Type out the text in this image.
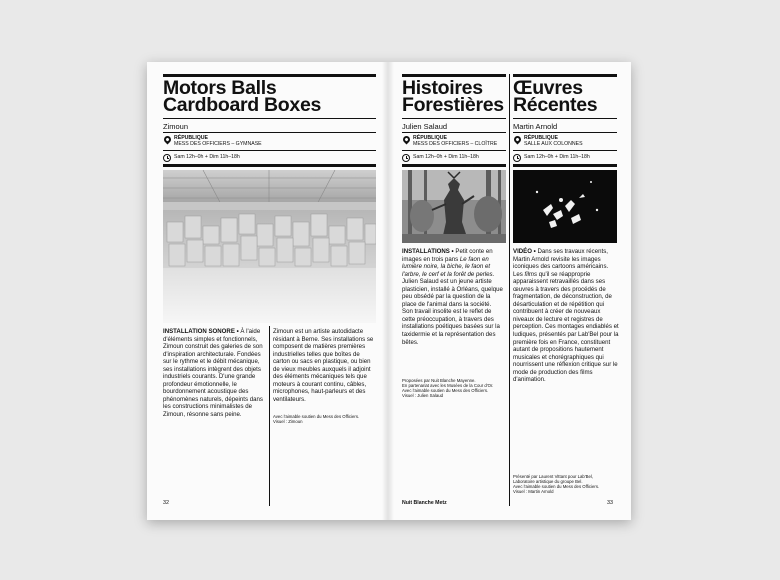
Motors Balls
Cardboard Boxes
Zimoun
RÉPUBLIQUE
MESS DES OFFICIERS – GYMNASE
Sam 12h–0h + Dim 11h–18h

INSTALLATION SONORE • À l'aide d'éléments simples et fonctionnels, Zimoun construit des galeries de son d'inspiration architecturale. Fondées sur le rythme et le débit mécanique, ses installations intègrent des objets industriels courants. D'une grande profondeur émotionnelle, le bourdonnement acoustique des phénomènes naturels, dépeints dans les constructions minimalistes de Zimoun, résonne sans peine.

Zimoun est un artiste autodidacte résidant à Berne. Ses installations se composent de matières premières industrielles telles que boîtes de carton ou sacs en plastique, ou bien de vieux meubles auxquels il adjoint des éléments mécaniques tels que moteurs à courant continu, câbles, microphones, haut-parleurs et des ventilateurs.

Avec l'aimable soutien du Mess des Officiers.

Visuel : Zimoun

32
Histoires
Forestières
Julien Salaud
RÉPUBLIQUE
MESS DES OFFICIERS – CLOÎTRE
Sam 12h–0h + Dim 11h–18h

INSTALLATIONS • Petit conte en images en trois pans Le faon en lumière noire, la biche, le faon et l'arbre, le cerf et la forêt de perles. Julien Salaud est un jeune artiste plasticien, installé à Orléans, quelque peu obsédé par la question de la place de l'animal dans la société.

Son travail insolite est le reflet de cette préoccupation, à travers des installations poétiques basées sur la taxidermie et la représentation des bêtes.

Proposées par Nuit Blanche Mayenne.

En partenariat avec les Musées de la Cour d'Or.

Avec l'aimable soutien du Mess des Officiers.

Visuel : Julien Salaud

Œuvres
Récentes
Martin Arnold
RÉPUBLIQUE
SALLE AUX COLONNES
Sam 12h–0h + Dim 11h–18h

VIDÉO • Dans ses travaux récents, Martin Arnold revisite les images iconiques des cartoons américains. Les films qu'il se réapproprie apparaissent retravaillés dans ses œuvres à travers des procédés de fragmentation, de déconstruction, de désarticulation et de répétition qui contribuent à créer de nouveaux niveaux de lecture et registres de perception. Ces montages endiablés et ludiques, présentés par Lab'Bel pour la première fois en France, constituent autant de propositions hautement musicales et chorégraphiques qui nourrissent une réflexion critique sur le mode de production des films d'animation.

Présenté par Laurent Vittant pour Lab'Bel,

Laboratoire artistique du groupe Bel.

Avec l'aimable soutien du Mess des Officiers.

Visuel : Martin Arnold

Nuit Blanche Metz	33
